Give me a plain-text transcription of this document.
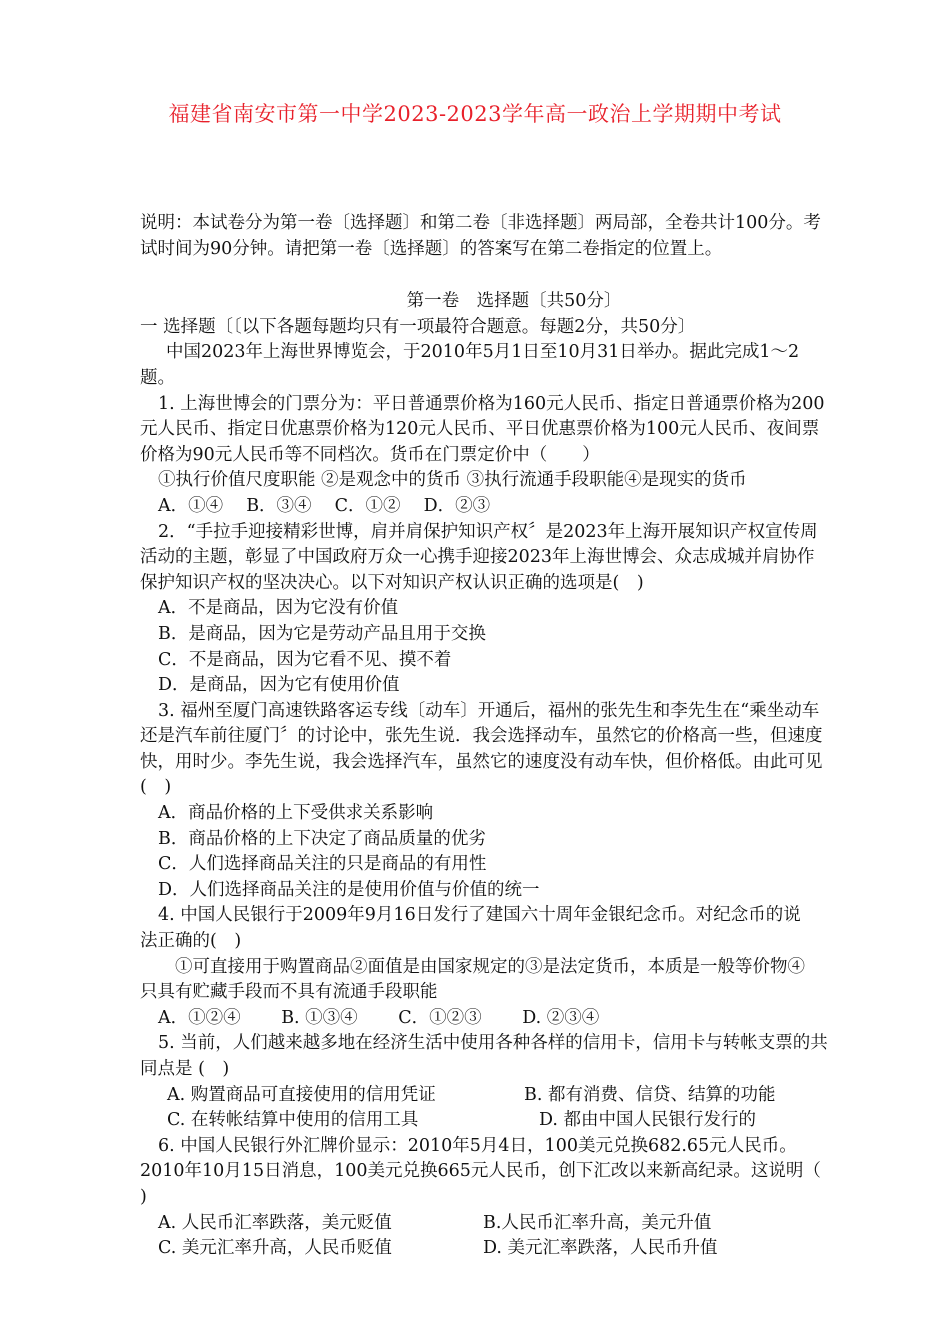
福建省南安市第一中学2023-2023学年高一政治上学期期中考试
说明：本试卷分为第一卷〔选择题〕和第二卷〔非选择题〕两局部，全卷共计100分。考
试时间为90分钟。请把第一卷〔选择题〕的答案写在第二卷指定的位置上。
第一卷　选择题〔共50分〕
一 选择题〔〔以下各题每题均只有一项最符合题意。每题2分，共50分〕
中国2023年上海世界博览会，于2010年5月1日至10月31日举办。据此完成1～2
题。
1. 上海世博会的门票分为：平日普通票价格为160元人民币、指定日普通票价格为200
元人民币、指定日优惠票价格为120元人民币、平日优惠票价格为100元人民币、夜间票
价格为90元人民币等不同档次。货币在门票定价中（　　）
①执行价值尺度职能 ②是观念中的货币 ③执行流通手段职能④是现实的货币
A．①④　 B．③④　 C．①②　 D．②③
2．“手拉手迎接精彩世博，肩并肩保护知识产权〞是2023年上海开展知识产权宣传周
活动的主题，彰显了中国政府万众一心携手迎接2023年上海世博会、众志成城并肩协作
保护知识产权的坚决决心。以下对知识产权认识正确的选项是(　)
A．不是商品，因为它没有价值
B．是商品，因为它是劳动产品且用于交换
C．不是商品，因为它看不见、摸不着
D．是商品，因为它有使用价值
3. 福州至厦门高速铁路客运专线〔动车〕开通后，福州的张先生和李先生在“乘坐动车
还是汽车前往厦门〞的讨论中，张先生说．我会选择动车，虽然它的价格高一些，但速度
快，用时少。李先生说，我会选择汽车，虽然它的速度没有动车快，但价格低。由此可见
(　)
A．商品价格的上下受供求关系影响
B．商品价格的上下决定了商品质量的优劣
C．人们选择商品关注的只是商品的有用性
D．人们选择商品关注的是使用价值与价值的统一
4. 中国人民银行于2009年9月16日发行了建国六十周年金银纪念币。对纪念币的说
法正确的(　)
①可直接用于购置商品②面值是由国家规定的③是法定货币，本质是一般等价物④
只具有贮藏手段而不具有流通手段职能
A．①②④　　 B. ①③④　　 C．①②③　　 D. ②③④
5. 当前，人们越来越多地在经济生活中使用各种各样的信用卡，信用卡与转帐支票的共
同点是 (　)
A. 购置商品可直接使用的信用凭证	B. 都有消费、信贷、结算的功能
C. 在转帐结算中使用的信用工具	D. 都由中国人民银行发行的
6. 中国人民银行外汇牌价显示：2010年5月4日，100美元兑换682.65元人民币。
2010年10月15日消息，100美元兑换665元人民币，创下汇改以来新高纪录。这说明（
)
A. 人民币汇率跌落，美元贬值	B.人民币汇率升高，美元升值
C. 美元汇率升高，人民币贬值	D. 美元汇率跌落，人民币升值
